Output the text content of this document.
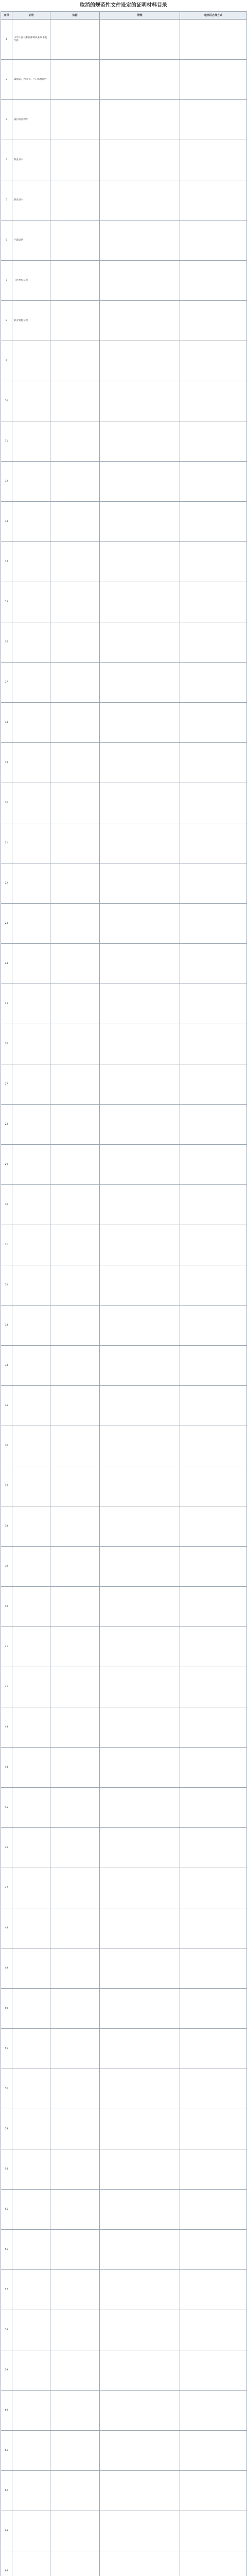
取消的规范性文件设定的证明材料目录
序号	证明	依据	清理	取消后办理方式
1	中华人民共和国律师执业证书复印件			
2	离婚证、判决书、户口本复印件			
3	身份证复印件			
4	职业证书			
5	职业证书			
6	户籍证明			
7	工作单位证明			
8	职业资格证明			
9				
10				
11				
12				
13				
14				
15				
16				
17				
18				
19				
20				
21				
22				
23				
24				
25				
26				
27				
28				
29				
30				
31				
32				
33				
34				
35				
36				
37				
38				
39				
40				
41				
42				
43				
44				
45				
46				
47				
48				
49				
50				
51				
52				
53				
54				
55				
56				
57				
58				
59				
60				
61				
62				
63				
64				
